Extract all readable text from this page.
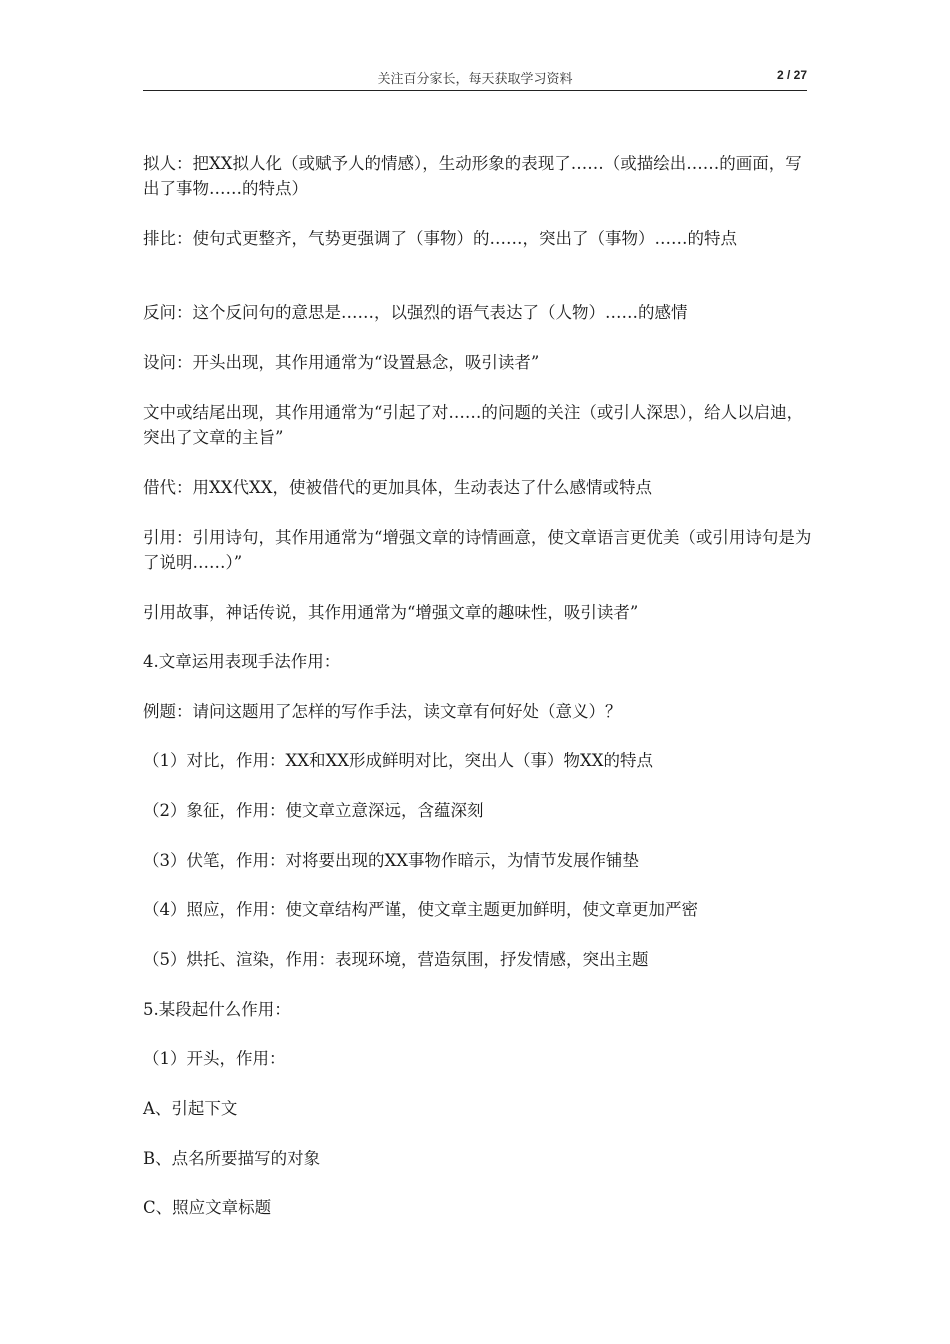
关注百分家长，每天获取学习资料	2 / 27

拟人：把XX拟人化（或赋予人的情感），生动形象的表现了……（或描绘出……的画面，写出了事物……的特点）

排比：使句式更整齐，气势更强调了（事物）的……，突出了（事物）……的特点

反问：这个反问句的意思是……，以强烈的语气表达了（人物）……的感情

设问：开头出现，其作用通常为“设置悬念，吸引读者”

文中或结尾出现，其作用通常为“引起了对……的问题的关注（或引人深思），给人以启迪，突出了文章的主旨”

借代：用XX代XX，使被借代的更加具体，生动表达了什么感情或特点

引用：引用诗句，其作用通常为“增强文章的诗情画意，使文章语言更优美（或引用诗句是为了说明……）”

引用故事，神话传说，其作用通常为“增强文章的趣味性，吸引读者”

4.文章运用表现手法作用：

例题：请问这题用了怎样的写作手法，读文章有何好处（意义）？

（1）对比，作用：XX和XX形成鲜明对比，突出人（事）物XX的特点

（2）象征，作用：使文章立意深远，含蕴深刻

（3）伏笔，作用：对将要出现的XX事物作暗示，为情节发展作铺垫

（4）照应，作用：使文章结构严谨，使文章主题更加鲜明，使文章更加严密

（5）烘托、渲染，作用：表现环境，营造氛围，抒发情感，突出主题

5.某段起什么作用：

（1）开头，作用：

A、引起下文

B、点名所要描写的对象

C、照应文章标题
